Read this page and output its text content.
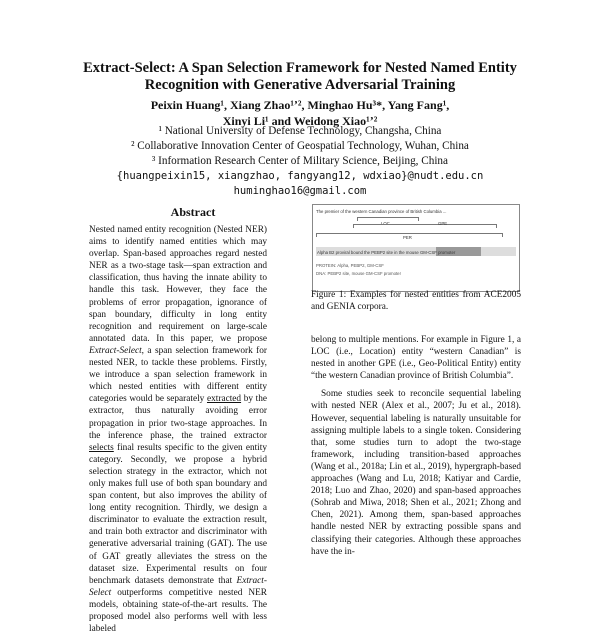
Extract-Select: A Span Selection Framework for Nested Named Entity
Recognition with Generative Adversarial Training
Peixin Huang¹, Xiang Zhao¹ʼ², Minghao Hu³*, Yang Fang¹,
Xinyi Li¹ and Weidong Xiao¹ʼ²
¹ National University of Defense Technology, Changsha, China
² Collaborative Innovation Center of Geospatial Technology, Wuhan, China
³ Information Research Center of Military Science, Beijing, China
{huangpeixin15, xiangzhao, fangyang12, wdxiao}@nudt.edu.cn
huminghao16@gmail.com
Abstract

Nested named entity recognition (Nested NER) aims to identify named entities which may overlap. Span-based approaches regard nested NER as a two-stage task—span extraction and classification, thus having the innate ability to handle this task. However, they face the problems of error propagation, ignorance of span boundary, difficulty in long entity recognition and requirement on large-scale annotated data. In this paper, we propose Extract-Select, a span selection framework for nested NER, to tackle these problems. Firstly, we introduce a span selection framework in which nested entities with different entity categories would be separately extracted by the extractor, thus naturally avoiding error propagation in prior two-stage approaches. In the inference phase, the trained extractor selects final results specific to the given entity category. Secondly, we propose a hybrid selection strategy in the extractor, which not only makes full use of both span boundary and span content, but also improves the ability of long entity recognition. Thirdly, we design a discriminator to evaluate the extraction result, and train both extractor and discriminator with generative adversarial training (GAT). The use of GAT greatly alleviates the stress on the dataset size. Experimental results on four benchmark datasets demonstrate that Extract-Select outperforms competitive nested NER models, obtaining state-of-the-art results. The proposed model also performs well with less labeled

The premier of the western Canadian province of British Columbia ...
LOC	GPE
PER
Alpha B2 proviral bound the PEBP2 site in the mouse GM-CSF promoter
PROTEIN: Alpha, PEBP2, GM-CSF
DNA: PEBP2 site, mouse GM-CSF promoter
Figure 1: Examples for nested entities from ACE2005 and GENIA corpora.

belong to multiple mentions. For example in Figure 1, a LOC (i.e., Location) entity “western Canadian” is nested in another GPE (i.e., Geo-Political Entity) entity “the western Canadian province of British Columbia”.

Some studies seek to reconcile sequential labeling with nested NER (Alex et al., 2007; Ju et al., 2018). However, sequential labeling is naturally unsuitable for assigning multiple labels to a single token. Considering that, some studies turn to adopt the two-stage framework, including transition-based approaches (Wang et al., 2018a; Lin et al., 2019), hypergraph-based approaches (Wang and Lu, 2018; Katiyar and Cardie, 2018; Luo and Zhao, 2020) and span-based approaches (Sohrab and Miwa, 2018; Shen et al., 2021; Zhong and Chen, 2021). Among them, span-based approaches handle nested NER by extracting possible spans and classifying their categories. Although these approaches have the in-
